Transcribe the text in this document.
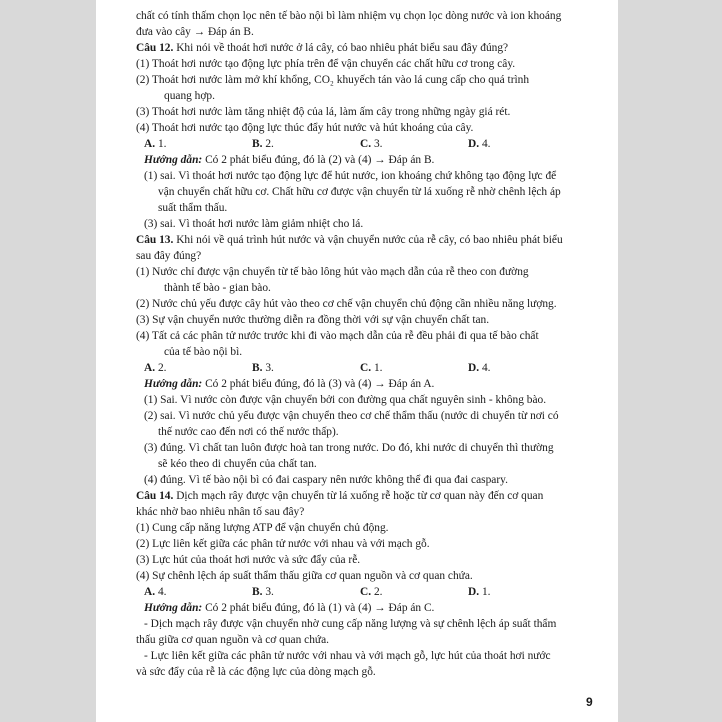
chất có tính thấm chọn lọc nên tế bào nội bì làm nhiệm vụ chọn lọc dòng nước và ion khoáng
đưa vào cây → Đáp án B.
Câu 12. Khi nói về thoát hơi nước ở lá cây, có bao nhiêu phát biểu sau đây đúng?
(1) Thoát hơi nước tạo động lực phía trên để vận chuyển các chất hữu cơ trong cây.
(2) Thoát hơi nước làm mở khí khổng, CO₂ khuyếch tán vào lá cung cấp cho quá trình
quang hợp.
(3) Thoát hơi nước làm tăng nhiệt độ của lá, làm ấm cây trong những ngày giá rét.
(4) Thoát hơi nước tạo động lực thúc đẩy hút nước và hút khoáng của cây.
A. 1.	B. 2.	C. 3.	D. 4.
Hướng dẫn: Có 2 phát biểu đúng, đó là (2) và (4) → Đáp án B.
(1) sai. Vì thoát hơi nước tạo động lực để hút nước, ion khoáng chứ không tạo động lực để
vận chuyển chất hữu cơ. Chất hữu cơ được vận chuyển từ lá xuống rễ nhờ chênh lệch áp
suất thẩm thấu.
(3) sai. Vì thoát hơi nước làm giảm nhiệt cho lá.
Câu 13. Khi nói về quá trình hút nước và vận chuyển nước của rễ cây, có bao nhiêu phát biểu
sau đây đúng?
(1) Nước chỉ được vận chuyển từ tế bào lông hút vào mạch dẫn của rễ theo con đường
thành tế bào - gian bào.
(2) Nước chủ yếu được cây hút vào theo cơ chế vận chuyển chủ động cần nhiều năng lượng.
(3) Sự vận chuyển nước thường diễn ra đồng thời với sự vận chuyển chất tan.
(4) Tất cả các phân tử nước trước khi đi vào mạch dẫn của rễ đều phải đi qua tế bào chất
của tế bào nội bì.
A. 2.	B. 3.	C. 1.	D. 4.
Hướng dẫn: Có 2 phát biểu đúng, đó là (3) và (4) → Đáp án A.
(1) Sai. Vì nước còn được vận chuyển bởi con đường qua chất nguyên sinh - không bào.
(2) sai. Vì nước chủ yếu được vận chuyển theo cơ chế thẩm thấu (nước di chuyển từ nơi có
thế nước cao đến nơi có thế nước thấp).
(3) đúng. Vì chất tan luôn được hoà tan trong nước. Do đó, khi nước di chuyển thì thường
sẽ kéo theo di chuyển của chất tan.
(4) đúng. Vì tế bào nội bì có đai caspary nên nước không thể đi qua đai caspary.
Câu 14. Dịch mạch rây được vận chuyển từ lá xuống rễ hoặc từ cơ quan này đến cơ quan
khác nhờ bao nhiêu nhân tố sau đây?
(1) Cung cấp năng lượng ATP để vận chuyển chủ động.
(2) Lực liên kết giữa các phân tử nước với nhau và với mạch gỗ.
(3) Lực hút của thoát hơi nước và sức đẩy của rễ.
(4) Sự chênh lệch áp suất thẩm thấu giữa cơ quan nguồn và cơ quan chứa.
A. 4.	B. 3.	C. 2.	D. 1.
Hướng dẫn: Có 2 phát biểu đúng, đó là (1) và (4) → Đáp án C.
- Dịch mạch rây được vận chuyển nhờ cung cấp năng lượng và sự chênh lệch áp suất thẩm
thấu giữa cơ quan nguồn và cơ quan chứa.
- Lực liên kết giữa các phân tử nước với nhau và với mạch gỗ, lực hút của thoát hơi nước
và sức đẩy của rễ là các động lực của dòng mạch gỗ.
9
